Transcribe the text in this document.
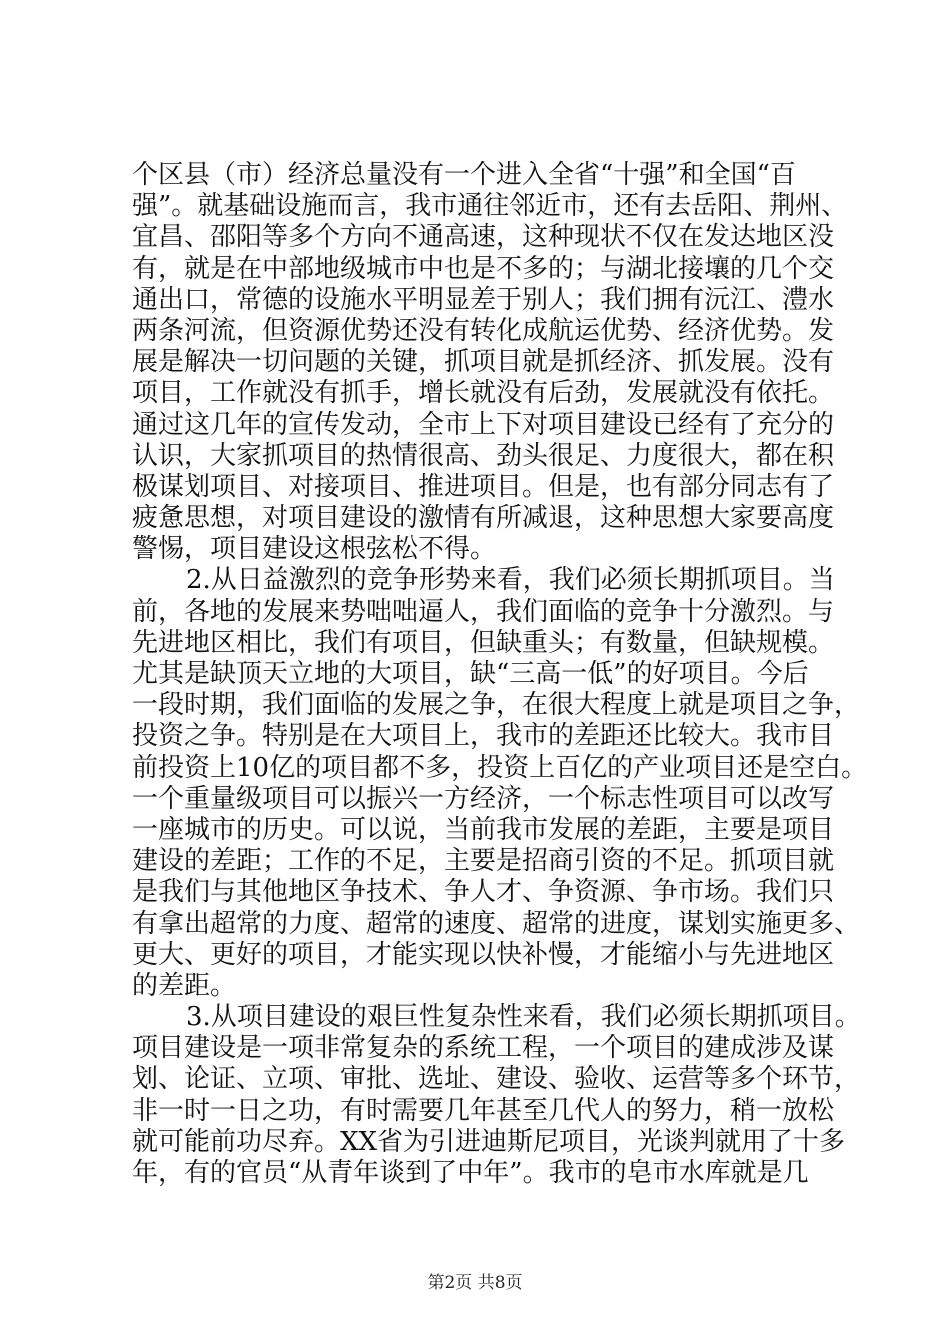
个区县（市）经济总量没有一个进入全省“十强”和全国“百
强”。就基础设施而言，我市通往邻近市，还有去岳阳、荆州、
宜昌、邵阳等多个方向不通高速，这种现状不仅在发达地区没
有，就是在中部地级城市中也是不多的；与湖北接壤的几个交
通出口，常德的设施水平明显差于别人；我们拥有沅江、澧水
两条河流，但资源优势还没有转化成航运优势、经济优势。发
展是解决一切问题的关键，抓项目就是抓经济、抓发展。没有
项目，工作就没有抓手，增长就没有后劲，发展就没有依托。
通过这几年的宣传发动，全市上下对项目建设已经有了充分的
认识，大家抓项目的热情很高、劲头很足、力度很大，都在积
极谋划项目、对接项目、推进项目。但是，也有部分同志有了
疲惫思想，对项目建设的激情有所减退，这种思想大家要高度
警惕，项目建设这根弦松不得。
2.从日益激烈的竞争形势来看，我们必须长期抓项目。当
前，各地的发展来势咄咄逼人，我们面临的竞争十分激烈。与
先进地区相比，我们有项目，但缺重头；有数量，但缺规模。
尤其是缺顶天立地的大项目，缺“三高一低”的好项目。今后
一段时期，我们面临的发展之争，在很大程度上就是项目之争，
投资之争。特别是在大项目上，我市的差距还比较大。我市目
前投资上10亿的项目都不多，投资上百亿的产业项目还是空白。
一个重量级项目可以振兴一方经济，一个标志性项目可以改写
一座城市的历史。可以说，当前我市发展的差距，主要是项目
建设的差距；工作的不足，主要是招商引资的不足。抓项目就
是我们与其他地区争技术、争人才、争资源、争市场。我们只
有拿出超常的力度、超常的速度、超常的进度，谋划实施更多、
更大、更好的项目，才能实现以快补慢，才能缩小与先进地区
的差距。
3.从项目建设的艰巨性复杂性来看，我们必须长期抓项目。
项目建设是一项非常复杂的系统工程，一个项目的建成涉及谋
划、论证、立项、审批、选址、建设、验收、运营等多个环节，
非一时一日之功，有时需要几年甚至几代人的努力，稍一放松
就可能前功尽弃。XX省为引进迪斯尼项目，光谈判就用了十多
年，有的官员“从青年谈到了中年”。我市的皂市水库就是几
第2页 共8页
